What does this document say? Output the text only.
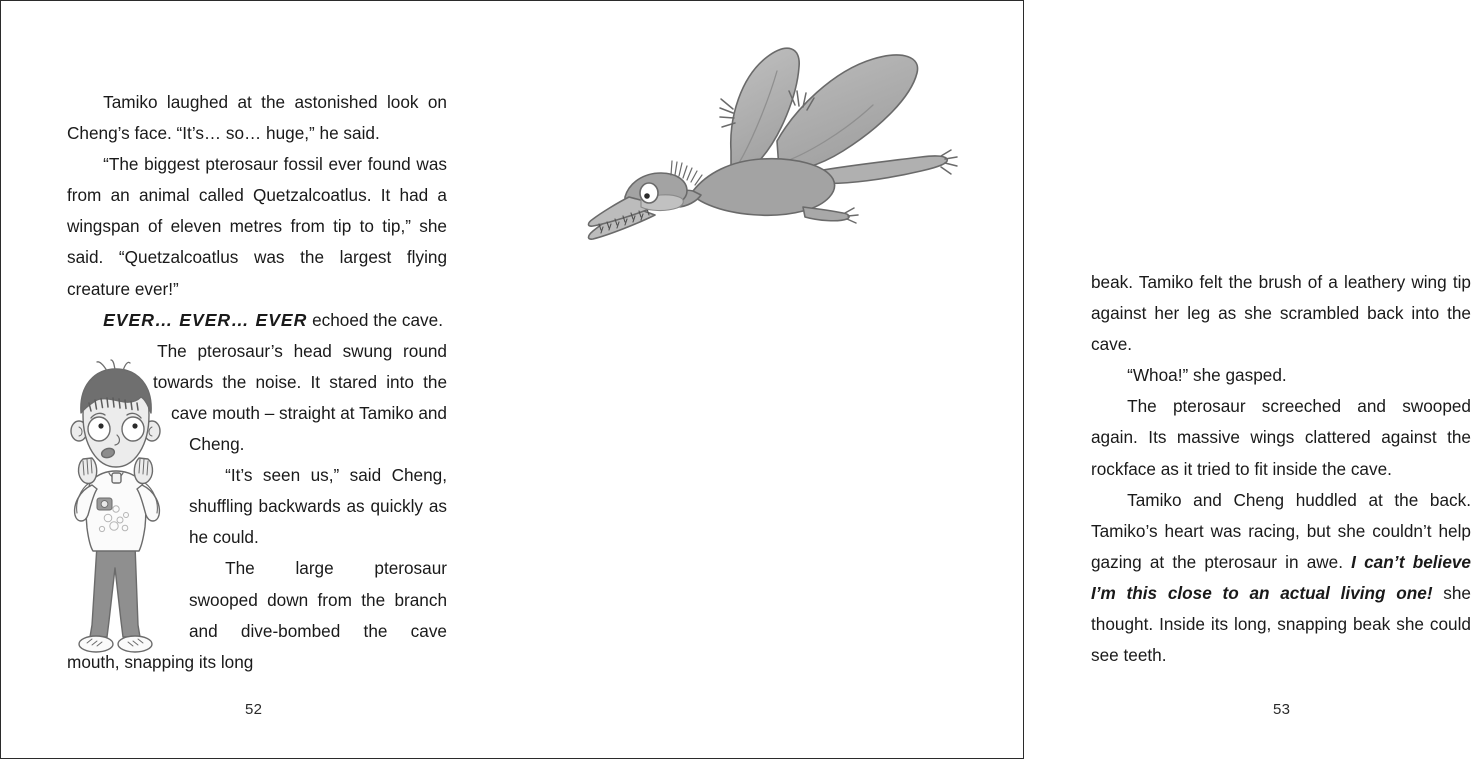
Tamiko laughed at the astonished look on Cheng’s face. “It’s… so… huge,” he said.

“The biggest pterosaur fossil ever found was from an animal called Quetzalcoatlus. It had a wingspan of eleven metres from tip to tip,” she said. “Quetzalcoatlus was the largest flying creature ever!”

EVER… EVER… EVER echoed the cave.

The pterosaur’s head swung round towards the noise. It stared into the cave mouth – straight at Tamiko and Cheng.

“It’s seen us,” said Cheng, shuffling backwards as quickly as he could.

The large pterosaur swooped down from the branch and dive-bombed the cave mouth, snapping its long

52

beak. Tamiko felt the brush of a leathery wing tip against her leg as she scrambled back into the cave.

“Whoa!” she gasped.

The pterosaur screeched and swooped again. Its massive wings clattered against the rockface as it tried to fit inside the cave.

Tamiko and Cheng huddled at the back. Tamiko’s heart was racing, but she couldn’t help gazing at the pterosaur in awe. I can’t believe I’m this close to an actual living one! she thought. Inside its long, snapping beak she could see teeth.

53
